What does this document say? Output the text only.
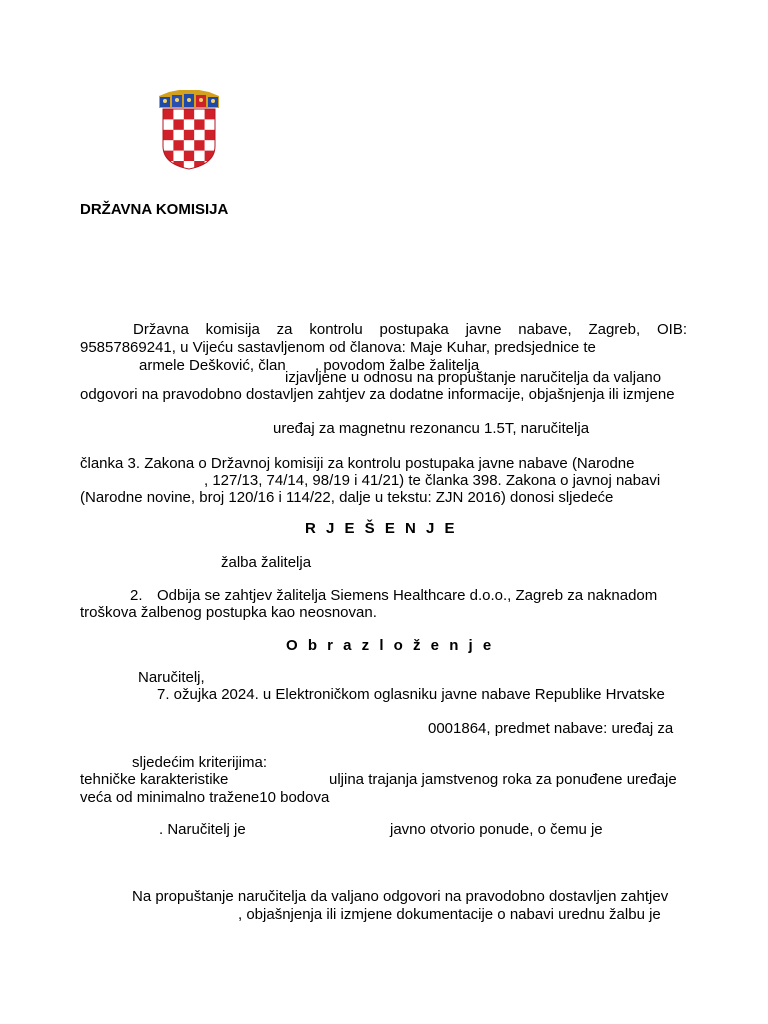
DRŽAVNA KOMISIJA
Državna komisija za kontrolu postupaka javne nabave, Zagreb, OIB:
95857869241, u Vijeću sastavljenom od članova: Maje Kuhar, predsjednice te
armele Dešković, član , povodom žalbe žalitelja
izjavljene u odnosu na propuštanje naručitelja da valjano
odgovori na pravodobno dostavljen zahtjev za dodatne informacije, objašnjenja ili izmjene
uređaj za magnetnu rezonancu 1.5T, naručitelja
članka 3. Zakona o Državnoj komisiji za kontrolu postupaka javne nabave (Narodne
, 127/13, 74/14, 98/19 i 41/21) te članka 398. Zakona o javnoj nabavi
(Narodne novine, broj 120/16 i 114/22, dalje u tekstu: ZJN 2016) donosi sljedeće
R J E Š E N J E
žalba žalitelja
2. Odbija se zahtjev žalitelja Siemens Healthcare d.o.o., Zagreb za naknadom
troškova žalbenog postupka kao neosnovan.
O b r a z l o ž e n j e
Naručitelj,
7. ožujka 2024. u Elektroničkom oglasniku javne nabave Republike Hrvatske
0001864, predmet nabave: uređaj za
sljedećim kriterijima:
tehničke karakteristike	uljina trajanja jamstvenog roka za ponuđene uređaje
veća od minimalno tražene10 bodova
. Naručitelj je	javno otvorio ponude, o čemu je
Na propuštanje naručitelja da valjano odgovori na pravodobno dostavljen zahtjev
, objašnjenja ili izmjene dokumentacije o nabavi urednu žalbu je
